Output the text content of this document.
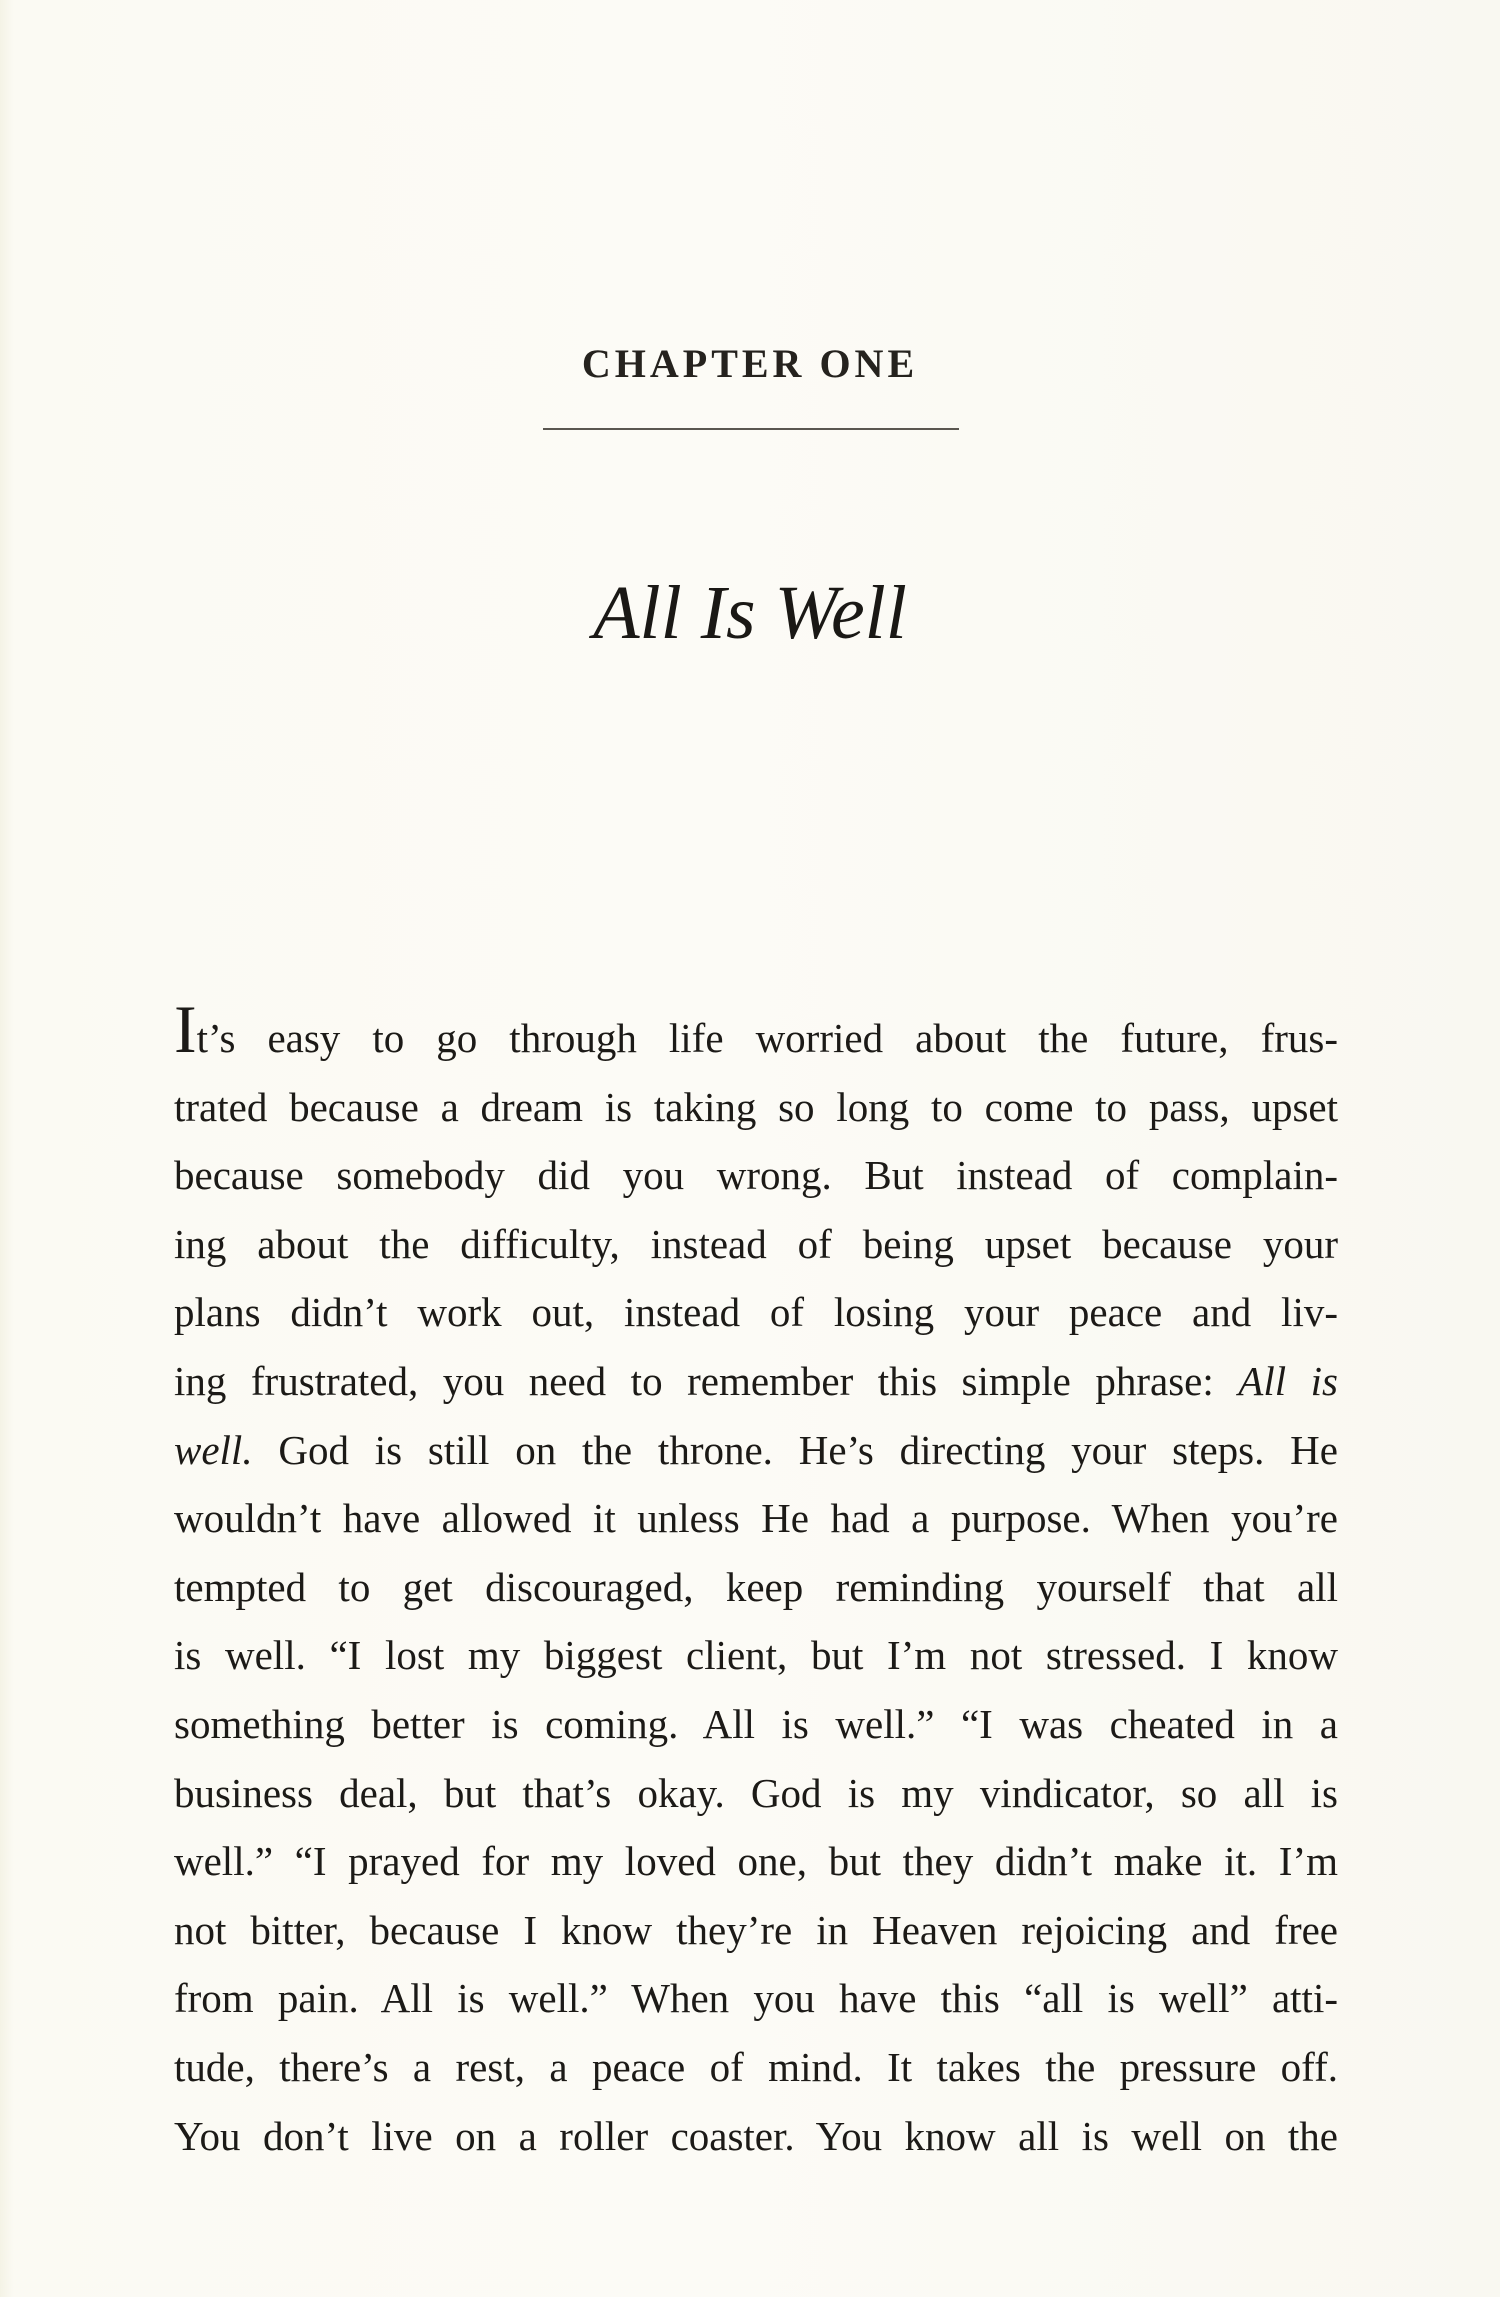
CHAPTER ONE
All Is Well
It’s easy to go through life worried about the future, frus-
trated because a dream is taking so long to come to pass, upset
because somebody did you wrong. But instead of complain-
ing about the difficulty, instead of being upset because your
plans didn’t work out, instead of losing your peace and liv-
ing frustrated, you need to remember this simple phrase: All is
well. God is still on the throne. He’s directing your steps. He
wouldn’t have allowed it unless He had a purpose. When you’re
tempted to get discouraged, keep reminding yourself that all
is well. “I lost my biggest client, but I’m not stressed. I know
something better is coming. All is well.” “I was cheated in a
business deal, but that’s okay. God is my vindicator, so all is
well.” “I prayed for my loved one, but they didn’t make it. I’m
not bitter, because I know they’re in Heaven rejoicing and free
from pain. All is well.” When you have this “all is well” atti-
tude, there’s a rest, a peace of mind. It takes the pressure off.
You don’t live on a roller coaster. You know all is well on the
